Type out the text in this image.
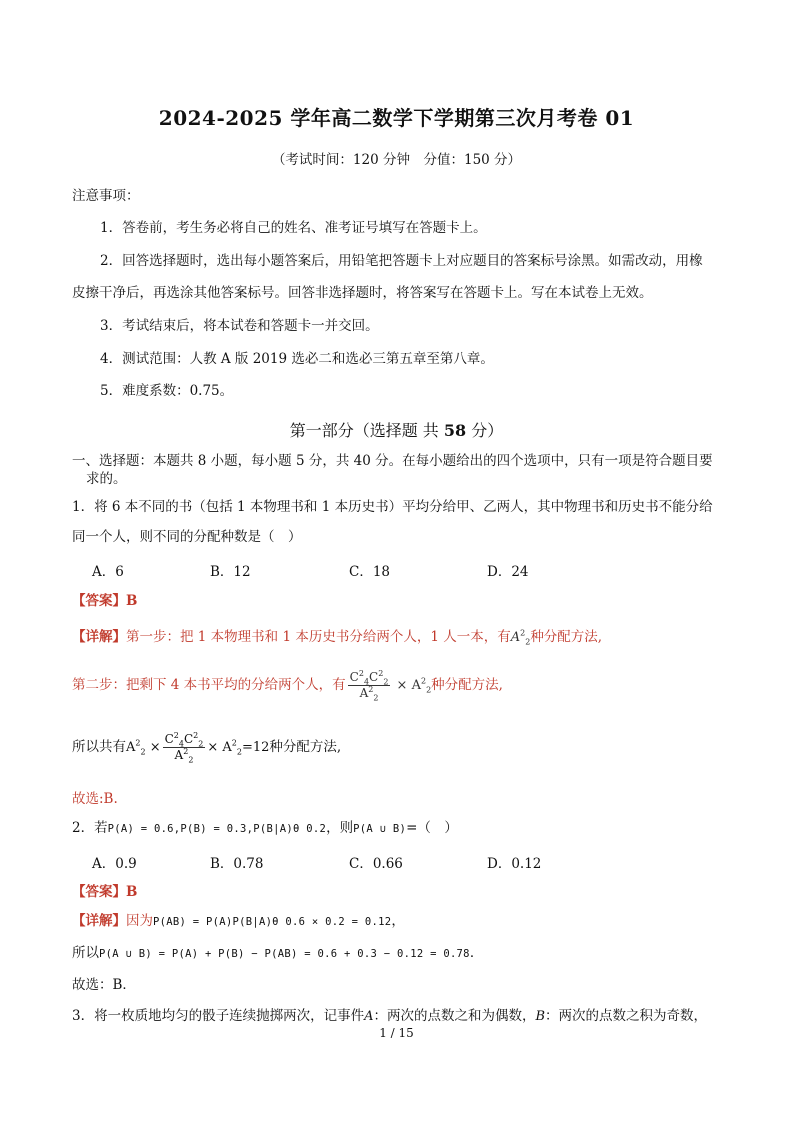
2024-2025 学年高二数学下学期第三次月考卷 01
（考试时间：120 分钟　分值：150 分）
注意事项：
1．答卷前，考生务必将自己的姓名、准考证号填写在答题卡上。
2．回答选择题时，选出每小题答案后，用铅笔把答题卡上对应题目的答案标号涂黑。如需改动，用橡
皮擦干净后，再选涂其他答案标号。回答非选择题时，将答案写在答题卡上。写在本试卷上无效。
3．考试结束后，将本试卷和答题卡一并交回。
4．测试范围：人教 A 版 2019 选必二和选必三第五章至第八章。
5．难度系数：0.75。
第一部分（选择题 共 58 分）
一、选择题：本题共 8 小题，每小题 5 分，共 40 分。在每小题给出的四个选项中，只有一项是符合题目要
求的。
1．将 6 本不同的书（包括 1 本物理书和 1 本历史书）平均分给甲、乙两人，其中物理书和历史书不能分给
同一个人，则不同的分配种数是（　）
A．6	B．12	C．18	D．24
【答案】B
【详解】第一步：把 1 本物理书和 1 本历史书分给两个人，1 人一本，有$A^2_2$种分配方法,
第二步：把剩下 4 本书平均的分给两个人，有 $\frac{C^2_4C^2_2}{A^2_2} \times A^2_2$种分配方法,
所以共有$A^2_2 \times \frac{C^2_4C^2_2}{A^2_2} \times A^2_2=12$种分配方法,
故选:B.
2．若P(A) = 0.6,P(B) = 0.3,P(B|A)θ 0.2，则P(A ∪ B)=（　）
A．0.9	B．0.78	C．0.66	D．0.12
【答案】B
【详解】因为P(AB) = P(A)P(B|A)θ 0.6 × 0.2 = 0.12，
所以P(A ∪ B) = P(A) + P(B) − P(AB) = 0.6 + 0.3 − 0.12 = 0.78．
故选：B．
3．将一枚质地均匀的骰子连续抛掷两次，记事件A：两次的点数之和为偶数，B：两次的点数之积为奇数，
1 / 15
